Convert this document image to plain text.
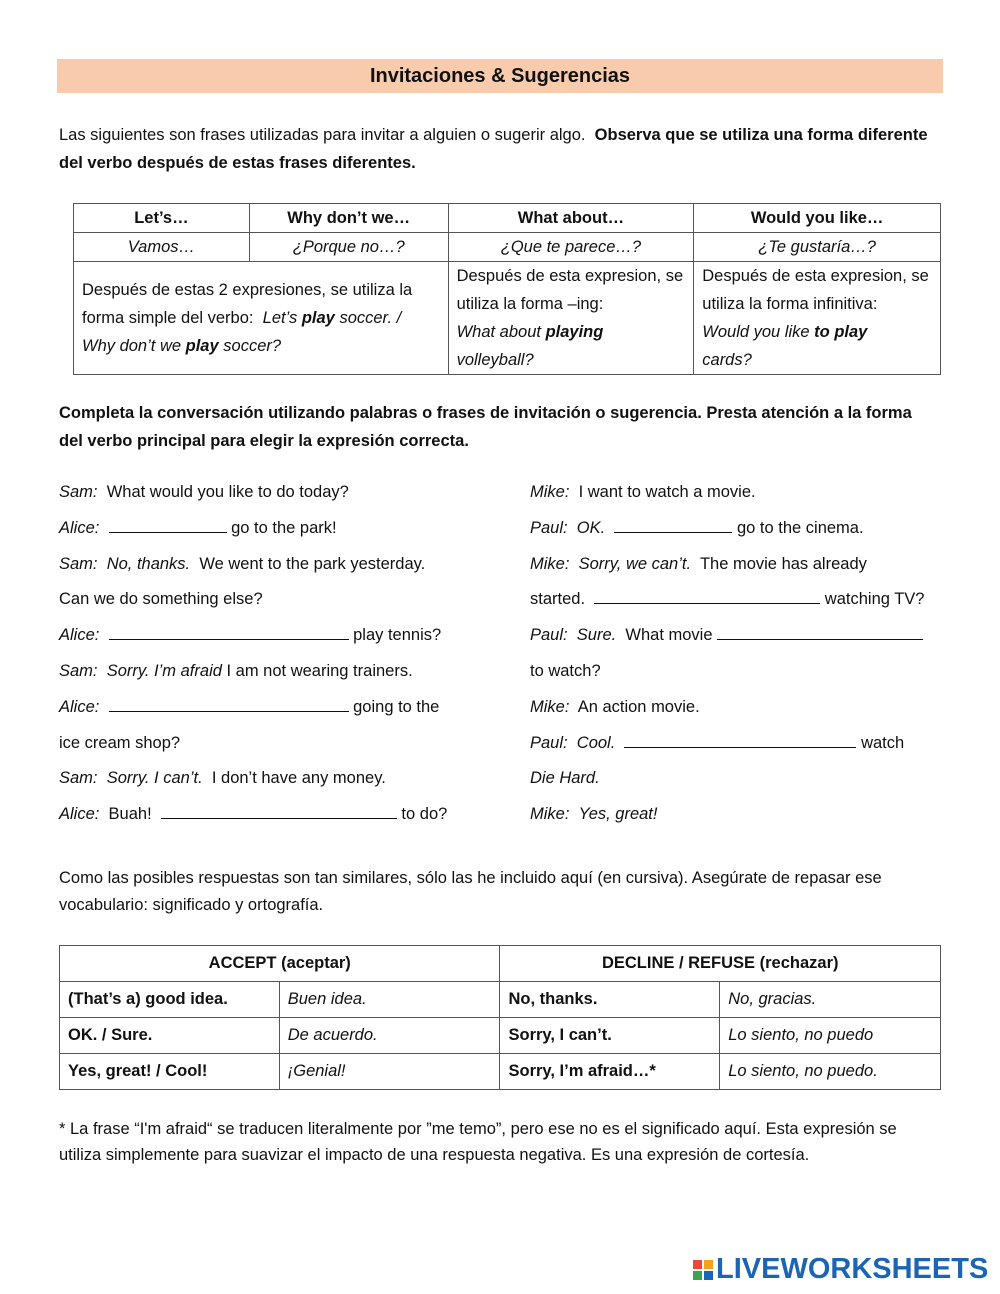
Invitaciones & Sugerencias
Las siguientes son frases utilizadas para invitar a alguien o sugerir algo. Observa que se utiliza una forma diferente del verbo después de estas frases diferentes.
Let’s…	Why don’t we…	What about…	Would you like…
Vamos…	¿Porque no…?	¿Que te parece…?	¿Te gustaría…?
Después de estas 2 expresiones, se utiliza la forma simple del verbo: Let’s play soccer. /
Why don’t we play soccer?		Después de esta expresion, se utiliza la forma –ing:
What about playing
volleyball?	Después de esta expresion, se utiliza la forma infinitiva:
Would you like to play
cards?
Completa la conversación utilizando palabras o frases de invitación o sugerencia. Presta atención a la forma del verbo principal para elegir la expresión correcta.
Sam: What would you like to do today?
Alice:	go to the park!
Sam: No, thanks. We went to the park yesterday.
Can we do something else?
Alice:	play tennis?
Sam: Sorry. I’m afraid I am not wearing trainers.
Alice:	going to the
ice cream shop?
Sam: Sorry. I can’t. I don’t have any money.
Alice: Buah!	to do?
Mike: I want to watch a movie.
Paul: OK.	go to the cinema.
Mike: Sorry, we can’t. The movie has already
started.	watching TV?
Paul: Sure. What movie
to watch?
Mike: An action movie.
Paul: Cool.	watch
Die Hard.
Mike: Yes, great!
Como las posibles respuestas son tan similares, sólo las he incluido aquí (en cursiva). Asegúrate de repasar ese vocabulario: significado y ortografía.
ACCEPT (aceptar)		DECLINE / REFUSE (rechazar)	
(That’s a) good idea.	Buen idea.	No, thanks.	No, gracias.
OK. / Sure.	De acuerdo.	Sorry, I can’t.	Lo siento, no puedo
Yes, great! / Cool!	¡Genial!	Sorry, I’m afraid…*	Lo siento, no puedo.
* La frase “I'm afraid“ se traducen literalmente por ”me temo”, pero ese no es el significado aquí. Esta expresión se utiliza simplemente para suavizar el impacto de una respuesta negativa. Es una expresión de cortesía.
LIVEWORKSHEETS
